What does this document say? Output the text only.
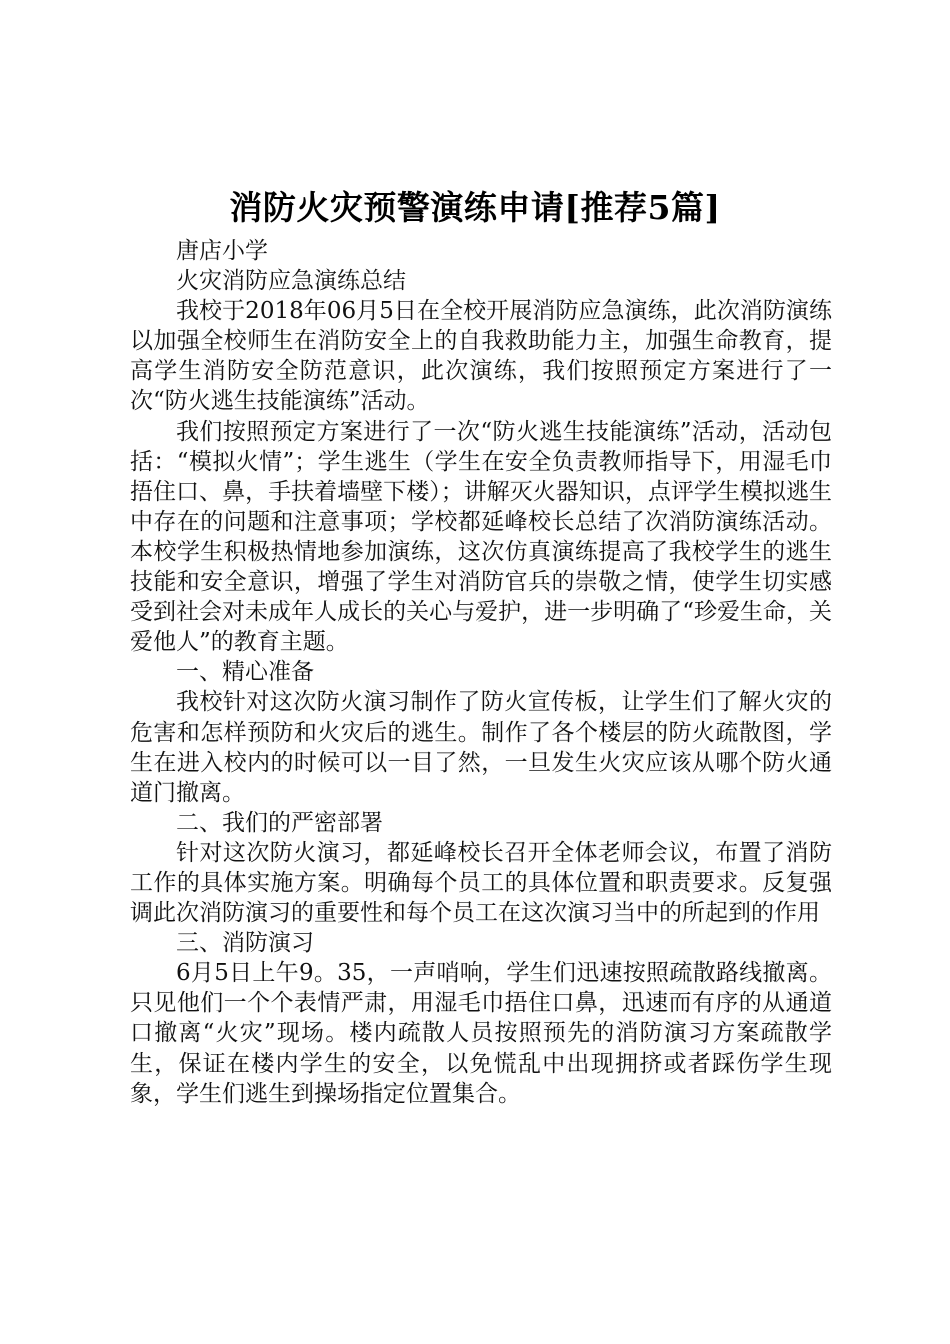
消防火灾预警演练申请[推荐5篇]

唐店小学

火灾消防应急演练总结

我校于2018年06月5日在全校开展消防应急演练，此次消防演练以加强全校师生在消防安全上的自我救助能力主，加强生命教育，提高学生消防安全防范意识，此次演练，我们按照预定方案进行了一次“防火逃生技能演练”活动。

我们按照预定方案进行了一次“防火逃生技能演练”活动，活动包括：“模拟火情”；学生逃生（学生在安全负责教师指导下，用湿毛巾捂住口、鼻，手扶着墙壁下楼）；讲解灭火器知识，点评学生模拟逃生中存在的问题和注意事项；学校都延峰校长总结了次消防演练活动。本校学生积极热情地参加演练，这次仿真演练提高了我校学生的逃生技能和安全意识，增强了学生对消防官兵的崇敬之情，使学生切实感受到社会对未成年人成长的关心与爱护，进一步明确了“珍爱生命，关爱他人”的教育主题。

一、精心准备

我校针对这次防火演习制作了防火宣传板，让学生们了解火灾的危害和怎样预防和火灾后的逃生。制作了各个楼层的防火疏散图，学生在进入校内的时候可以一目了然，一旦发生火灾应该从哪个防火通道门撤离。

二、我们的严密部署

针对这次防火演习，都延峰校长召开全体老师会议，布置了消防工作的具体实施方案。明确每个员工的具体位置和职责要求。反复强调此次消防演习的重要性和每个员工在这次演习当中的所起到的作用

三、消防演习

6月5日上午9。35，一声哨响，学生们迅速按照疏散路线撤离。只见他们一个个表情严肃，用湿毛巾捂住口鼻，迅速而有序的从通道口撤离“火灾”现场。楼内疏散人员按照预先的消防演习方案疏散学生，保证在楼内学生的安全，以免慌乱中出现拥挤或者踩伤学生现象，学生们逃生到操场指定位置集合。
